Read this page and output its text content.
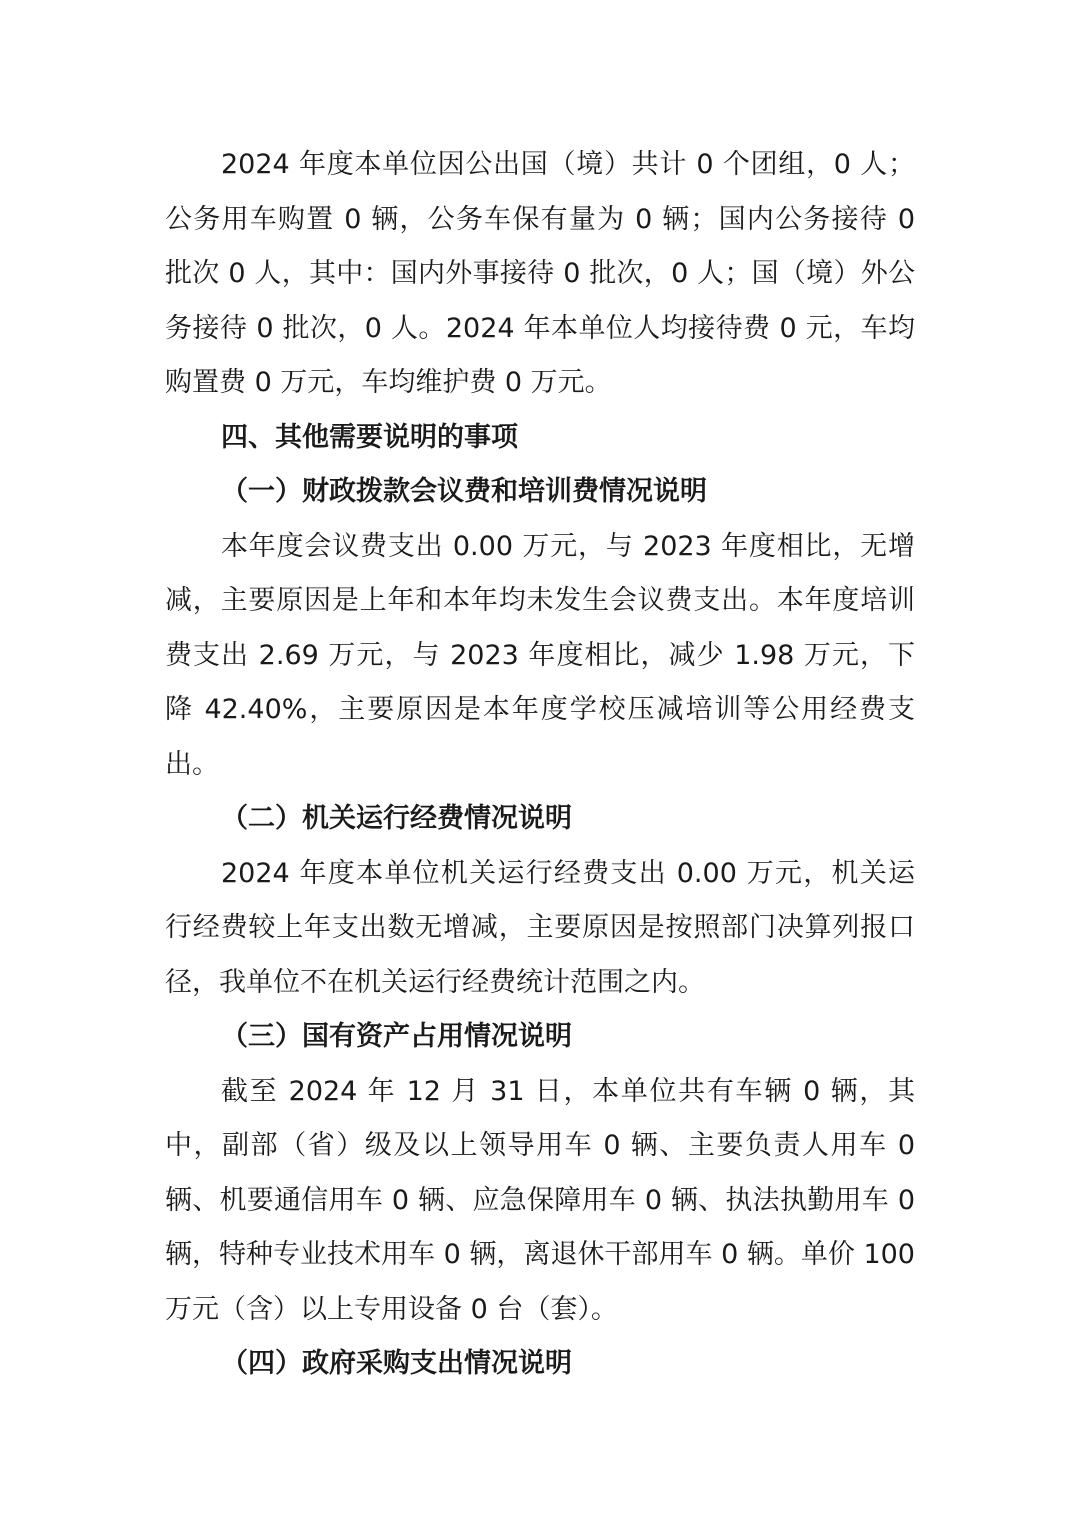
2024 年度本单位因公出国（境）共计 0 个团组，0 人；公务用车购置 0 辆，公务车保有量为 0 辆；国内公务接待 0 批次 0 人，其中：国内外事接待 0 批次，0 人；国（境）外公务接待 0 批次，0 人。2024 年本单位人均接待费 0 元，车均购置费 0 万元，车均维护费 0 万元。

四、其他需要说明的事项

（一）财政拨款会议费和培训费情况说明

本年度会议费支出 0.00 万元，与 2023 年度相比，无增减，主要原因是上年和本年均未发生会议费支出。本年度培训费支出 2.69 万元，与 2023 年度相比，减少 1.98 万元，下降 42.40%，主要原因是本年度学校压减培训等公用经费支出。

（二）机关运行经费情况说明

2024 年度本单位机关运行经费支出 0.00 万元，机关运行经费较上年支出数无增减，主要原因是按照部门决算列报口径，我单位不在机关运行经费统计范围之内。

（三）国有资产占用情况说明

截至 2024 年 12 月 31 日，本单位共有车辆 0 辆，其中，副部（省）级及以上领导用车 0 辆、主要负责人用车 0 辆、机要通信用车 0 辆、应急保障用车 0 辆、执法执勤用车 0 辆，特种专业技术用车 0 辆，离退休干部用车 0 辆。单价 100 万元（含）以上专用设备 0 台（套）。

（四）政府采购支出情况说明
